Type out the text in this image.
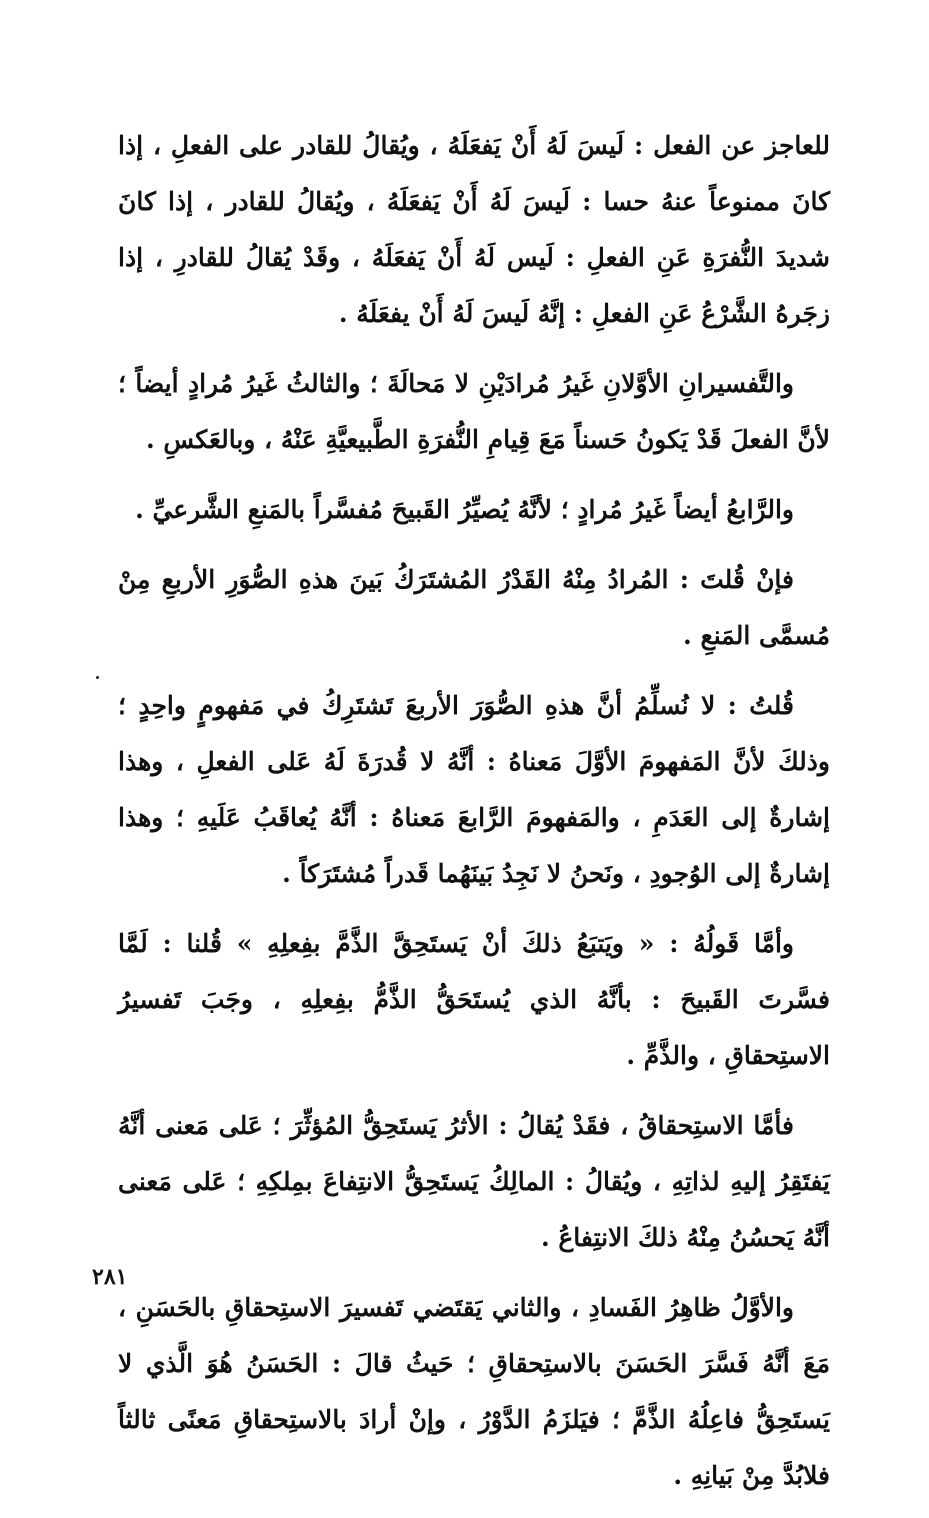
للعاجز عن الفعل : لَيسَ لَهُ أَنْ يَفعَلَهُ ، ويُقالُ للقادر على الفعلِ ، إذا كانَ ممنوعاً عنهُ حسا : لَيسَ لَهُ أَنْ يَفعَلَهُ ، ويُقالُ للقادر ، إذا كانَ شديدَ النُّفرَةِ عَنِ الفعلِ : لَيس لَهُ أَنْ يَفعَلَهُ ، وقَدْ يُقالُ للقادرِ ، إذا زجَرهُ الشَّرْعُ عَنِ الفعلِ : إنَّهُ لَيسَ لَهُ أَنْ يفعَلَهُ .

والتَّفسيرانِ الأوَّلانِ غَيرُ مُرادَيْنِ لا مَحالَةَ ؛ والثالثُ غَيرُ مُرادٍ أيضاً ؛ لأنَّ الفعلَ قَدْ يَكونُ حَسناً مَعَ قِيامِ النُّفرَةِ الطَّبيعيَّةِ عَنْهُ ، وبالعَكسِ .

والرَّابعُ أيضاً غَيرُ مُرادٍ ؛ لأنَّهُ يُصيِّرُ القَبيحَ مُفسَّراً بالمَنعِ الشَّرعيِّ .

فإنْ قُلتَ : المُرادُ مِنْهُ القَدْرُ المُشتَرَكُ بَينَ هذهِ الصُّوَرِ الأربعِ مِنْ مُسمَّى المَنعِ .

قُلتُ : لا نُسلِّمُ أنَّ هذهِ الصُّوَرَ الأربعَ تَشتَرِكُ في مَفهومٍ واحِدٍ ؛ وذلكَ لأنَّ المَفهومَ الأوَّلَ مَعناهُ : أنَّهُ لا قُدرَةَ لَهُ عَلى الفعلِ ، وهذا إشارةٌ إلى العَدَمِ ، والمَفهومَ الرَّابعَ مَعناهُ : أنَّهُ يُعاقَبُ عَلَيهِ ؛ وهذا إشارةٌ إلى الوُجودِ ، ونَحنُ لا نَجِدُ بَينَهُما قَدراً مُشتَرَكاً .

وأمَّا قَولُهُ : « ويَتبَعُ ذلكَ أنْ يَستَحِقَّ الذَّمَّ بفِعلِهِ » قُلنا : لَمَّا فسَّرتَ القَبيحَ : بأنَّهُ الذي يُستَحَقُّ الذَّمُّ بفِعلِهِ ، وجَبَ تَفسيرُ الاستِحقاقِ ، والذَّمِّ .

فأمَّا الاستِحقاقُ ، فقَدْ يُقالُ : الأثرُ يَستَحِقُّ المُؤثِّرَ ؛ عَلى مَعنى أنَّهُ يَفتَقِرُ إليهِ لذاتِهِ ، ويُقالُ : المالِكُ يَستَحِقُّ الانتِفاعَ بمِلكِهِ ؛ عَلى مَعنى أنَّهُ يَحسُنُ مِنْهُ ذلكَ الانتِفاعُ .

والأوَّلُ ظاهِرُ الفَسادِ ، والثاني يَقتَضي تَفسيرَ الاستِحقاقِ بالحَسَنِ ، مَعَ أنَّهُ فَسَّرَ الحَسَنَ بالاستِحقاقِ ؛ حَيثُ قالَ : الحَسَنُ هُوَ الَّذي لا يَستَحِقُّ فاعِلُهُ الذَّمَّ ؛ فيَلزَمُ الدَّوْرُ ، وإنْ أرادَ بالاستِحقاقِ مَعنًى ثالثاً فلابُدَّ مِنْ بَيانِهِ .

٢٨١
